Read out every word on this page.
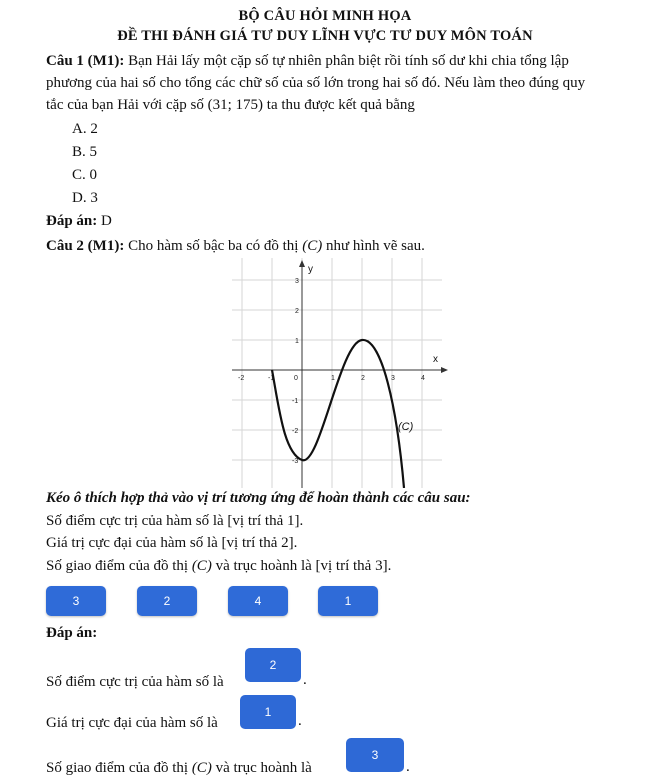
BỘ CÂU HỎI MINH HỌA
ĐỀ THI ĐÁNH GIÁ TƯ DUY LĨNH VỰC TƯ DUY MÔN TOÁN
Câu 1 (M1): Bạn Hải lấy một cặp số tự nhiên phân biệt rồi tính số dư khi chia tổng lập
phương của hai số cho tổng các chữ số của số lớn trong hai số đó. Nếu làm theo đúng quy
tắc của bạn Hải với cặp số (31; 175) ta thu được kết quả bằng
A. 2
B. 5
C. 0
D. 3
Đáp án: D
Câu 2 (M1): Cho hàm số bậc ba có đồ thị (C) như hình vẽ sau.
y
x
-2	-1	0	1	2	3	4
3
2
1
-1
-2
-3
(C)
Kéo ô thích hợp thả vào vị trí tương ứng để hoàn thành các câu sau:
Số điểm cực trị của hàm số là [vị trí thả 1].
Giá trị cực đại của hàm số là [vị trí thả 2].
Số giao điểm của đồ thị (C) và trục hoành là [vị trí thả 3].
3	2	4	1
Đáp án:
Số điểm cực trị của hàm số là
2
.
Giá trị cực đại của hàm số là
1
.
Số giao điểm của đồ thị (C) và trục hoành là
3
.
